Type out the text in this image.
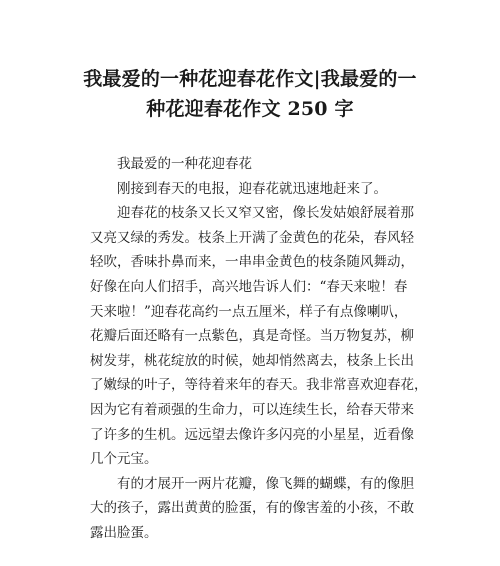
我最爱的一种花迎春花作文|我最爱的一
种花迎春花作文 250 字

我最爱的一种花迎春花

刚接到春天的电报，迎春花就迅速地赶来了。

迎春花的枝条又长又窄又密，像长发姑娘舒展着那

又亮又绿的秀发。枝条上开满了金黄色的花朵，春风轻

轻吹，香味扑鼻而来，一串串金黄色的枝条随风舞动，

好像在向人们招手，高兴地告诉人们：“春天来啦！春

天来啦！”迎春花高约一点五厘米，样子有点像喇叭，

花瓣后面还略有一点紫色，真是奇怪。当万物复苏，柳

树发芽，桃花绽放的时候，她却悄然离去，枝条上长出

了嫩绿的叶子，等待着来年的春天。我非常喜欢迎春花，

因为它有着顽强的生命力，可以连续生长，给春天带来

了许多的生机。远远望去像许多闪亮的小星星，近看像

几个元宝。

有的才展开一两片花瓣，像飞舞的蝴蝶，有的像胆

大的孩子，露出黄黄的脸蛋，有的像害羞的小孩，不敢

露出脸蛋。
